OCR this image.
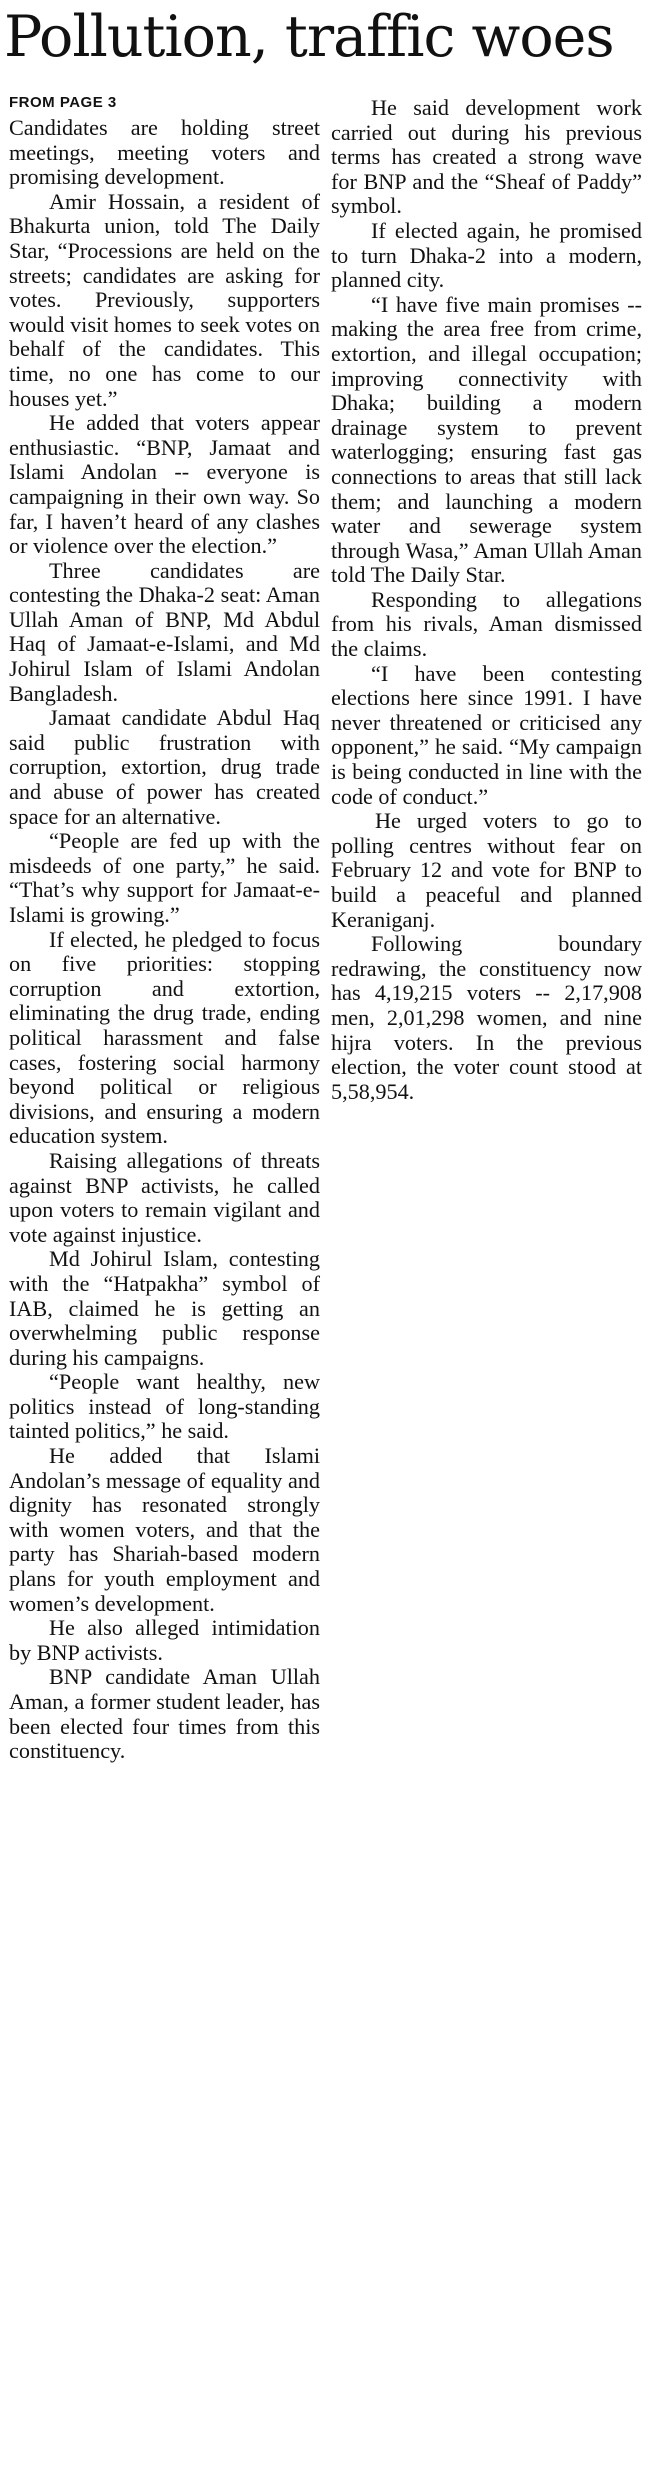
Pollution, traffic woes
FROM PAGE 3

Candidates are holding street meetings, meeting voters and promising development.

Amir Hossain, a resident of Bhakurta union, told The Daily Star, “Processions are held on the streets; candidates are asking for votes. Previously, supporters would visit homes to seek votes on behalf of the candidates. This time, no one has come to our houses yet.”

He added that voters appear enthusiastic. “BNP, Jamaat and Islami Andolan -- everyone is campaigning in their own way. So far, I haven’t heard of any clashes or violence over the election.”

Three candidates are contesting the Dhaka-2 seat: Aman Ullah Aman of BNP, Md Abdul Haq of Jamaat-e-Islami, and Md Johirul Islam of Islami Andolan Bangladesh.

Jamaat candidate Abdul Haq said public frustration with corruption, extortion, drug trade and abuse of power has created space for an alternative.

“People are fed up with the misdeeds of one party,” he said. “That’s why support for Jamaat-e-Islami is growing.”

If elected, he pledged to focus on five priorities: stopping corruption and extortion, eliminating the drug trade, ending political harassment and false cases, fostering social harmony beyond political or religious divisions, and ensuring a modern education system.

Raising allegations of threats against BNP activists, he called upon voters to remain vigilant and vote against injustice.

Md Johirul Islam, contesting with the “Hatpakha” symbol of IAB, claimed he is getting an overwhelming public response during his campaigns.

“People want healthy, new politics instead of long-standing tainted politics,” he said.

He added that Islami Andolan’s message of equality and dignity has resonated strongly with women voters, and that the party has Shariah-based modern plans for youth employment and women’s development.

He also alleged intimidation by BNP activists.

BNP candidate Aman Ullah Aman, a former student leader, has been elected four times from this constituency.

He said development work carried out during his previous terms has created a strong wave for BNP and the “Sheaf of Paddy” symbol.

If elected again, he promised to turn Dhaka-2 into a modern, planned city.

“I have five main promises -- making the area free from crime, extortion, and illegal occupation; improving connectivity with Dhaka; building a modern drainage system to prevent waterlogging; ensuring fast gas connections to areas that still lack them; and launching a modern water and sewerage system through Wasa,” Aman Ullah Aman told The Daily Star.

Responding to allegations from his rivals, Aman dismissed the claims.

“I have been contesting elections here since 1991. I have never threatened or criticised any opponent,” he said. “My campaign is being conducted in line with the code of conduct.”

He urged voters to go to polling centres without fear on February 12 and vote for BNP to build a peaceful and planned Keraniganj.

Following boundary redrawing, the constituency now has 4,19,215 voters -- 2,17,908 men, 2,01,298 women, and nine hijra voters. In the previous election, the voter count stood at 5,58,954.
